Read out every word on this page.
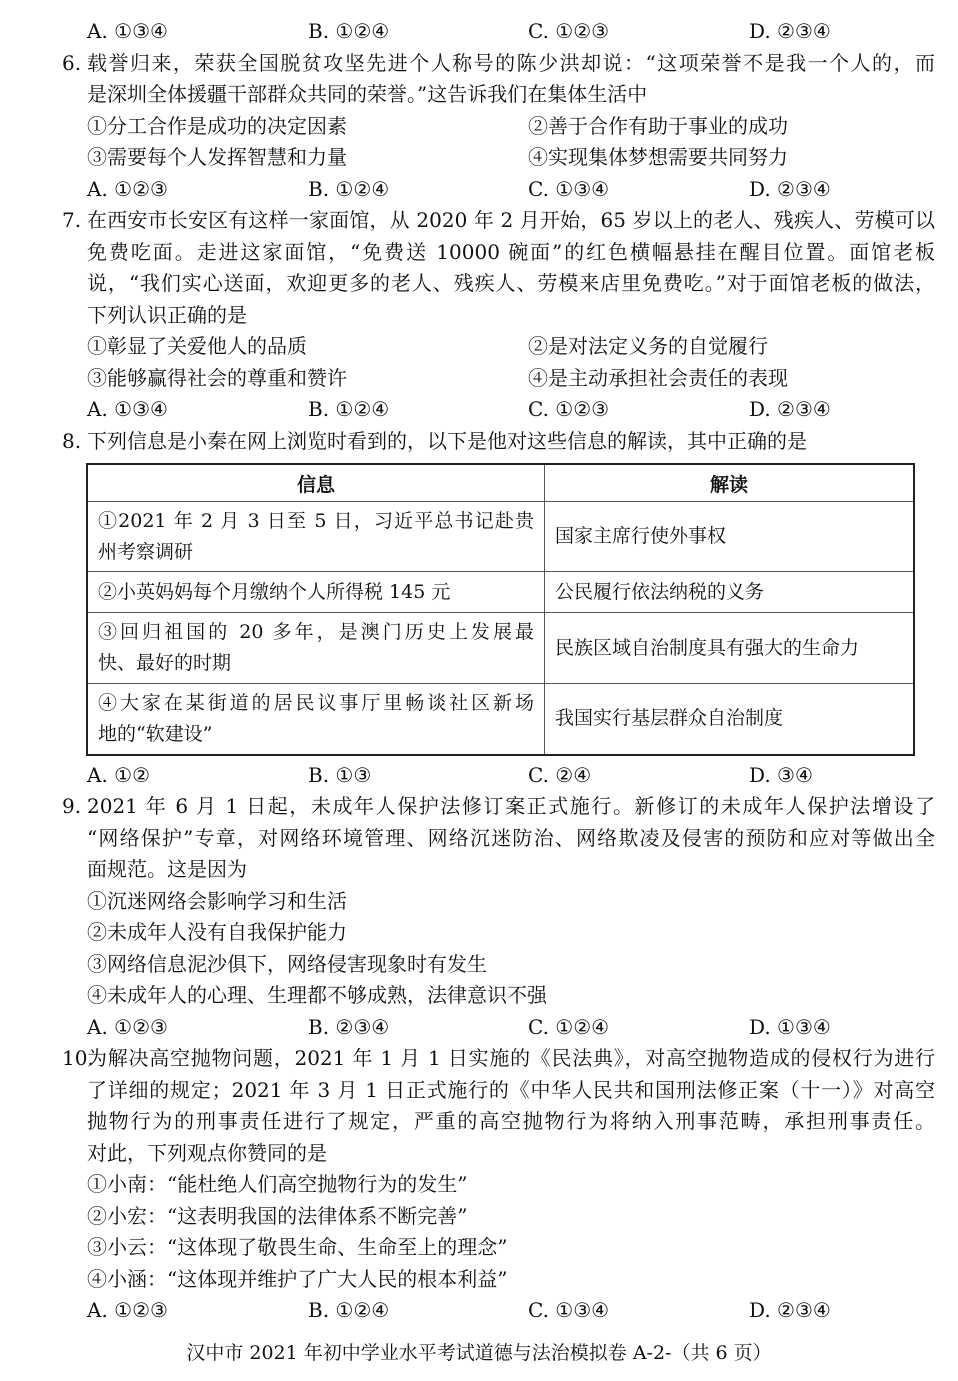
A. ①③④	B. ①②④	C. ①②③	D. ②③④
6. 载誉归来，荣获全国脱贫攻坚先进个人称号的陈少洪却说：“这项荣誉不是我一个人的，而
是深圳全体援疆干部群众共同的荣誉。”这告诉我们在集体生活中
①分工合作是成功的决定因素	②善于合作有助于事业的成功
③需要每个人发挥智慧和力量	④实现集体梦想需要共同努力
A. ①②③	B. ①②④	C. ①③④	D. ②③④
7. 在西安市长安区有这样一家面馆，从 2020 年 2 月开始，65 岁以上的老人、残疾人、劳模可以
免费吃面。走进这家面馆，“免费送 10000 碗面”的红色横幅悬挂在醒目位置。面馆老板
说，“我们实心送面，欢迎更多的老人、残疾人、劳模来店里免费吃。”对于面馆老板的做法，
下列认识正确的是
①彰显了关爱他人的品质	②是对法定义务的自觉履行
③能够赢得社会的尊重和赞许	④是主动承担社会责任的表现
A. ①③④	B. ①②④	C. ①②③	D. ②③④
8. 下列信息是小秦在网上浏览时看到的，以下是他对这些信息的解读，其中正确的是
信息	解读

①2021 年 2 月 3 日至 5 日，习近平总书记赴贵
州考察调研	国家主席行使外事权

②小英妈妈每个月缴纳个人所得税 145 元	公民履行依法纳税的义务

③回归祖国的 20 多年，是澳门历史上发展最
快、最好的时期	民族区域自治制度具有强大的生命力

④大家在某街道的居民议事厅里畅谈社区新场
地的“软建设”	我国实行基层群众自治制度
A. ①②	B. ①③	C. ②④	D. ③④
9. 2021 年 6 月 1 日起，未成年人保护法修订案正式施行。新修订的未成年人保护法增设了
“网络保护”专章，对网络环境管理、网络沉迷防治、网络欺凌及侵害的预防和应对等做出全
面规范。这是因为
①沉迷网络会影响学习和生活
②未成年人没有自我保护能力
③网络信息泥沙俱下，网络侵害现象时有发生
④未成年人的心理、生理都不够成熟，法律意识不强
A. ①②③	B. ②③④	C. ①②④	D. ①③④
10.
为解决高空抛物问题，2021 年 1 月 1 日实施的《民法典》，对高空抛物造成的侵权行为进行
了详细的规定；2021 年 3 月 1 日正式施行的《中华人民共和国刑法修正案（十一）》对高空
抛物行为的刑事责任进行了规定，严重的高空抛物行为将纳入刑事范畴，承担刑事责任。
对此，下列观点你赞同的是
①小南：“能杜绝人们高空抛物行为的发生”
②小宏：“这表明我国的法律体系不断完善”
③小云：“这体现了敬畏生命、生命至上的理念”
④小涵：“这体现并维护了广大人民的根本利益”
A. ①②③	B. ①②④	C. ①③④	D. ②③④
汉中市 2021 年初中学业水平考试道德与法治模拟卷 A-2-（共 6 页）
